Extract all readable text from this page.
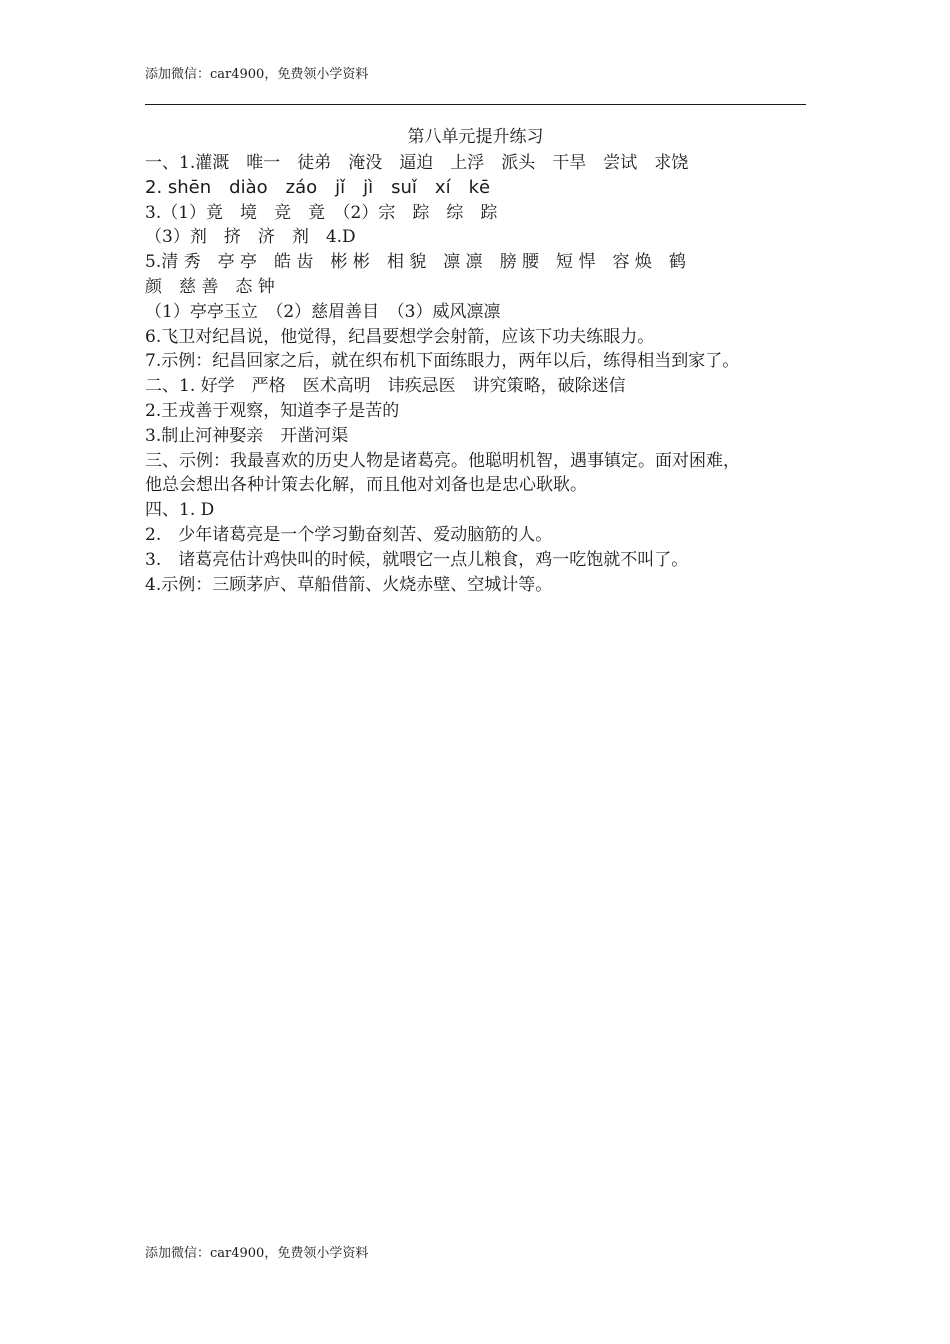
添加微信：car4900，免费领小学资料
第八单元提升练习
一、1.灌溉　唯一　徒弟　淹没　逼迫　上浮　派头　干旱　尝试　求饶
2. shēn　diào　záo　jǐ　jì　suǐ　xí　kē
3.（1）竟　境　竞　竟　（2）宗　踪　综　踪
（3）剂　挤　济　剂　4.D
5.清 秀　亭 亭　皓 齿　彬 彬　相 貌　凛 凛　膀 腰　短 悍　容 焕　鹤
颜　慈 善　态 钟
（1）亭亭玉立　（2）慈眉善目　（3）威风凛凛
6.飞卫对纪昌说，他觉得，纪昌要想学会射箭，应该下功夫练眼力。
7.示例：纪昌回家之后，就在织布机下面练眼力，两年以后，练得相当到家了。
二、1. 好学　严格　医术高明　讳疾忌医　讲究策略，破除迷信
2.王戎善于观察，知道李子是苦的
3.制止河神娶亲　开凿河渠
三、示例：我最喜欢的历史人物是诸葛亮。他聪明机智，遇事镇定。面对困难，
他总会想出各种计策去化解，而且他对刘备也是忠心耿耿。
四、1. D
2.　少年诸葛亮是一个学习勤奋刻苦、爱动脑筋的人。
3.　诸葛亮估计鸡快叫的时候，就喂它一点儿粮食，鸡一吃饱就不叫了。
4.示例：三顾茅庐、草船借箭、火烧赤壁、空城计等。
添加微信：car4900，免费领小学资料
